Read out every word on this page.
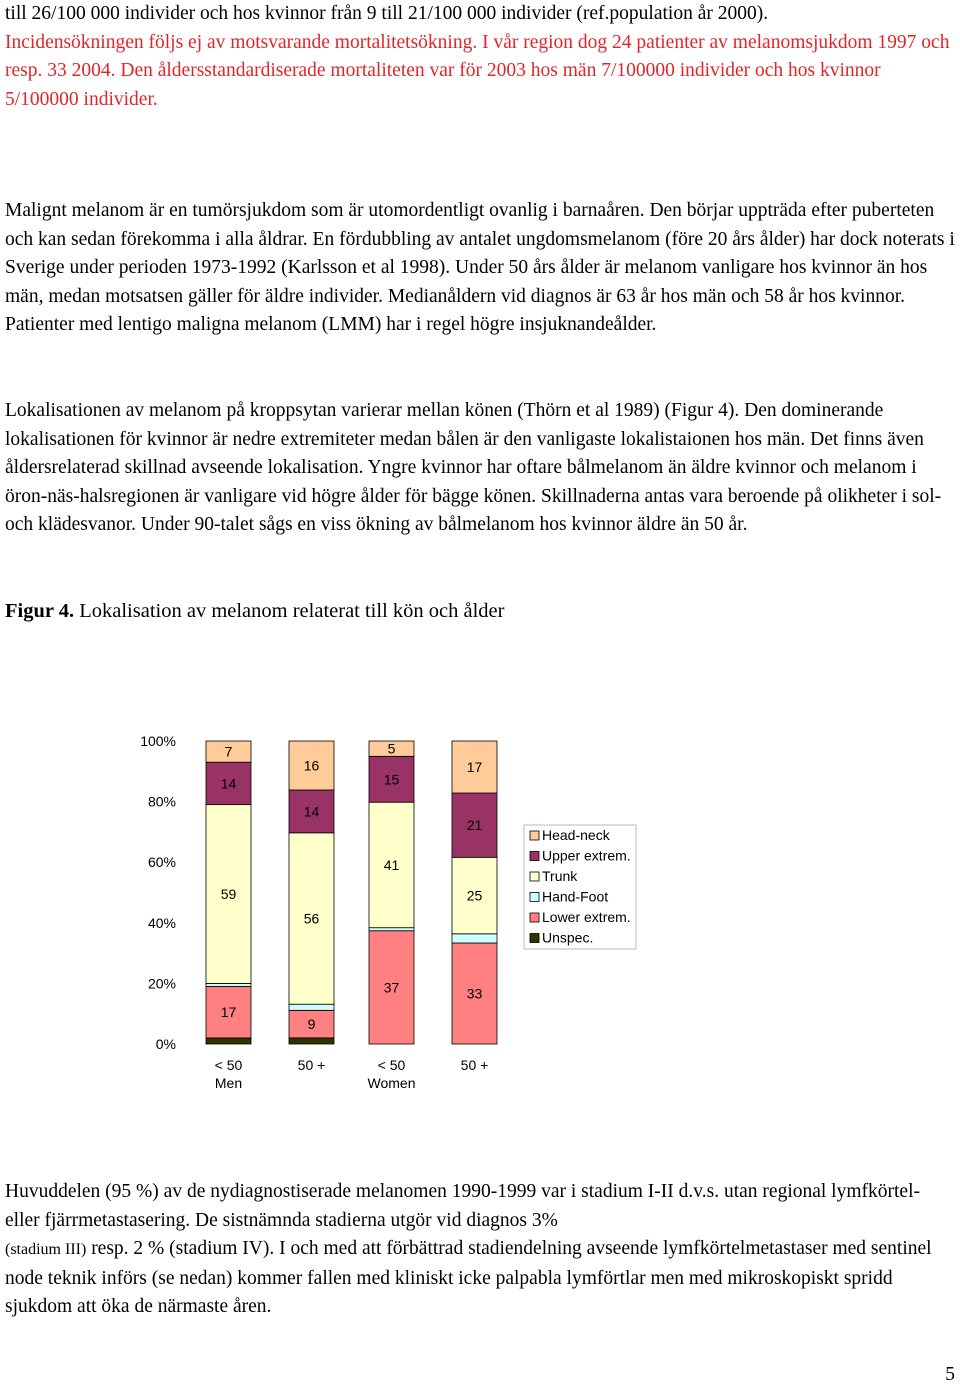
till 26/100 000 individer och hos kvinnor från 9 till 21/100 000 individer (ref.population år 2000).
Incidensökningen följs ej av motsvarande mortalitetsökning. I vår region dog 24 patienter av melanomsjukdom 1997 och resp. 33 2004. Den åldersstandardiserade mortaliteten var för 2003 hos män 7/100000 individer och hos kvinnor 5/100000 individer.

Malignt melanom är en tumörsjukdom som är utomordentligt ovanlig i barnaåren. Den börjar uppträda efter puberteten och kan sedan förekomma i alla åldrar. En fördubbling av antalet ungdomsmelanom (före 20 års ålder) har dock noterats i Sverige under perioden 1973-1992 (Karlsson et al 1998). Under 50 års ålder är melanom vanligare hos kvinnor än hos män, medan motsatsen gäller för äldre individer. Medianåldern vid diagnos är 63 år hos män och 58 år hos kvinnor. Patienter med lentigo maligna melanom (LMM) har i regel högre insjuknandeålder.

Lokalisationen av melanom på kroppsytan varierar mellan könen (Thörn et al 1989) (Figur 4). Den dominerande lokalisationen för kvinnor är nedre extremiteter medan bålen är den vanligaste lokalistaionen hos män. Det finns även åldersrelaterad skillnad avseende lokalisation. Yngre kvinnor har oftare bålmelanom än äldre kvinnor och melanom i öron-näs-halsregionen är vanligare vid högre ålder för bägge könen. Skillnaderna antas vara beroende på olikheter i sol- och klädesvanor. Under 90-talet sågs en viss ökning av bålmelanom hos kvinnor äldre än 50 år.

Figur 4. Lokalisation av melanom relaterat till kön och ålder

0%
20%
40%
60%
80%
100%
17
59
14
7
9
56
14
16
37
41
15
5
33
25
21
17
< 50	50 +	< 50	50 +
Men	Women
Head-neck
Upper extrem.
Trunk
Hand-Foot
Lower extrem.
Unspec.

Huvuddelen (95 %) av de nydiagnostiserade melanomen 1990-1999 var i stadium I-II d.v.s. utan regional lymfkörtel- eller fjärrmetastasering. De sistnämnda stadierna utgör vid diagnos 3%
(stadium III) resp. 2 % (stadium IV). I och med att förbättrad stadiendelning avseende lymfkörtelmetastaser med sentinel node teknik införs (se nedan) kommer fallen med kliniskt icke palpabla lymförtlar men med mikroskopiskt spridd sjukdom att öka de närmaste åren.

5
